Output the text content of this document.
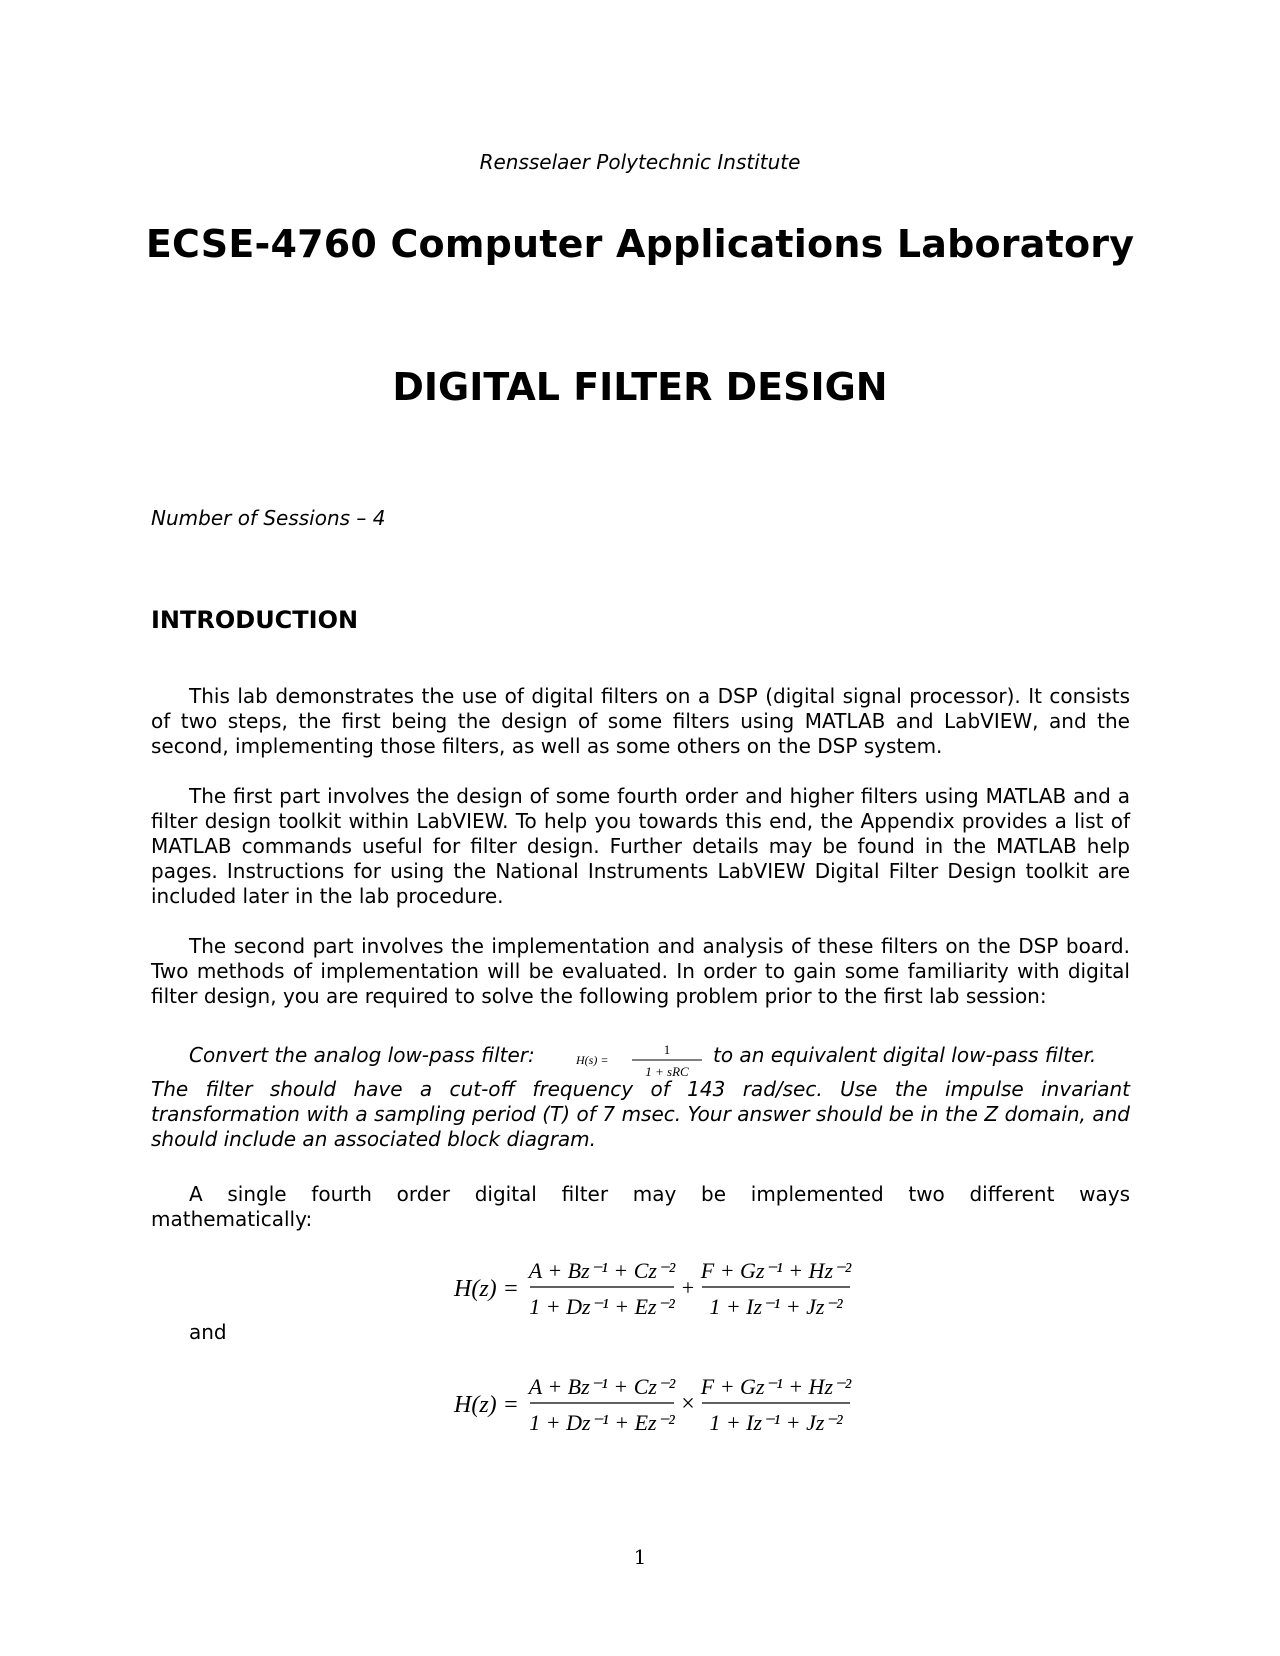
Rensselaer Polytechnic Institute
ECSE-4760 Computer Applications Laboratory
DIGITAL FILTER DESIGN
Number of Sessions – 4
INTRODUCTION

This lab demonstrates the use of digital filters on a DSP (digital signal processor). It consists of two steps, the first being the design of some filters using MATLAB and LabVIEW, and the second, implementing those filters, as well as some others on the DSP system.

The first part involves the design of some fourth order and higher filters using MATLAB and a filter design toolkit within LabVIEW. To help you towards this end, the Appendix provides a list of MATLAB commands useful for filter design. Further details may be found in the MATLAB help pages. Instructions for using the National Instruments LabVIEW Digital Filter Design toolkit are included later in the lab procedure.

The second part involves the implementation and analysis of these filters on the DSP board. Two methods of implementation will be evaluated. In order to gain some familiarity with digital filter design, you are required to solve the following problem prior to the first lab session:

Convert the analog low-pass filter:	H(s) =
1
1 + sRC
to an equivalent digital low-pass filter.

The filter should have a cut-off frequency of 143 rad/sec. Use the impulse invariant transformation with a sampling period (T) of 7 msec. Your answer should be in the Z domain, and should include an associated block diagram.

A single fourth order digital filter may be implemented two different ways

mathematically:
H(z) =
A + Bz⁻¹ + Cz⁻²
1 + Dz⁻¹ + Ez⁻²
+
F + Gz⁻¹ + Hz⁻²
1 + Iz⁻¹ + Jz⁻²
and
H(z) =
A + Bz⁻¹ + Cz⁻²
1 + Dz⁻¹ + Ez⁻²
×
F + Gz⁻¹ + Hz⁻²
1 + Iz⁻¹ + Jz⁻²
1
